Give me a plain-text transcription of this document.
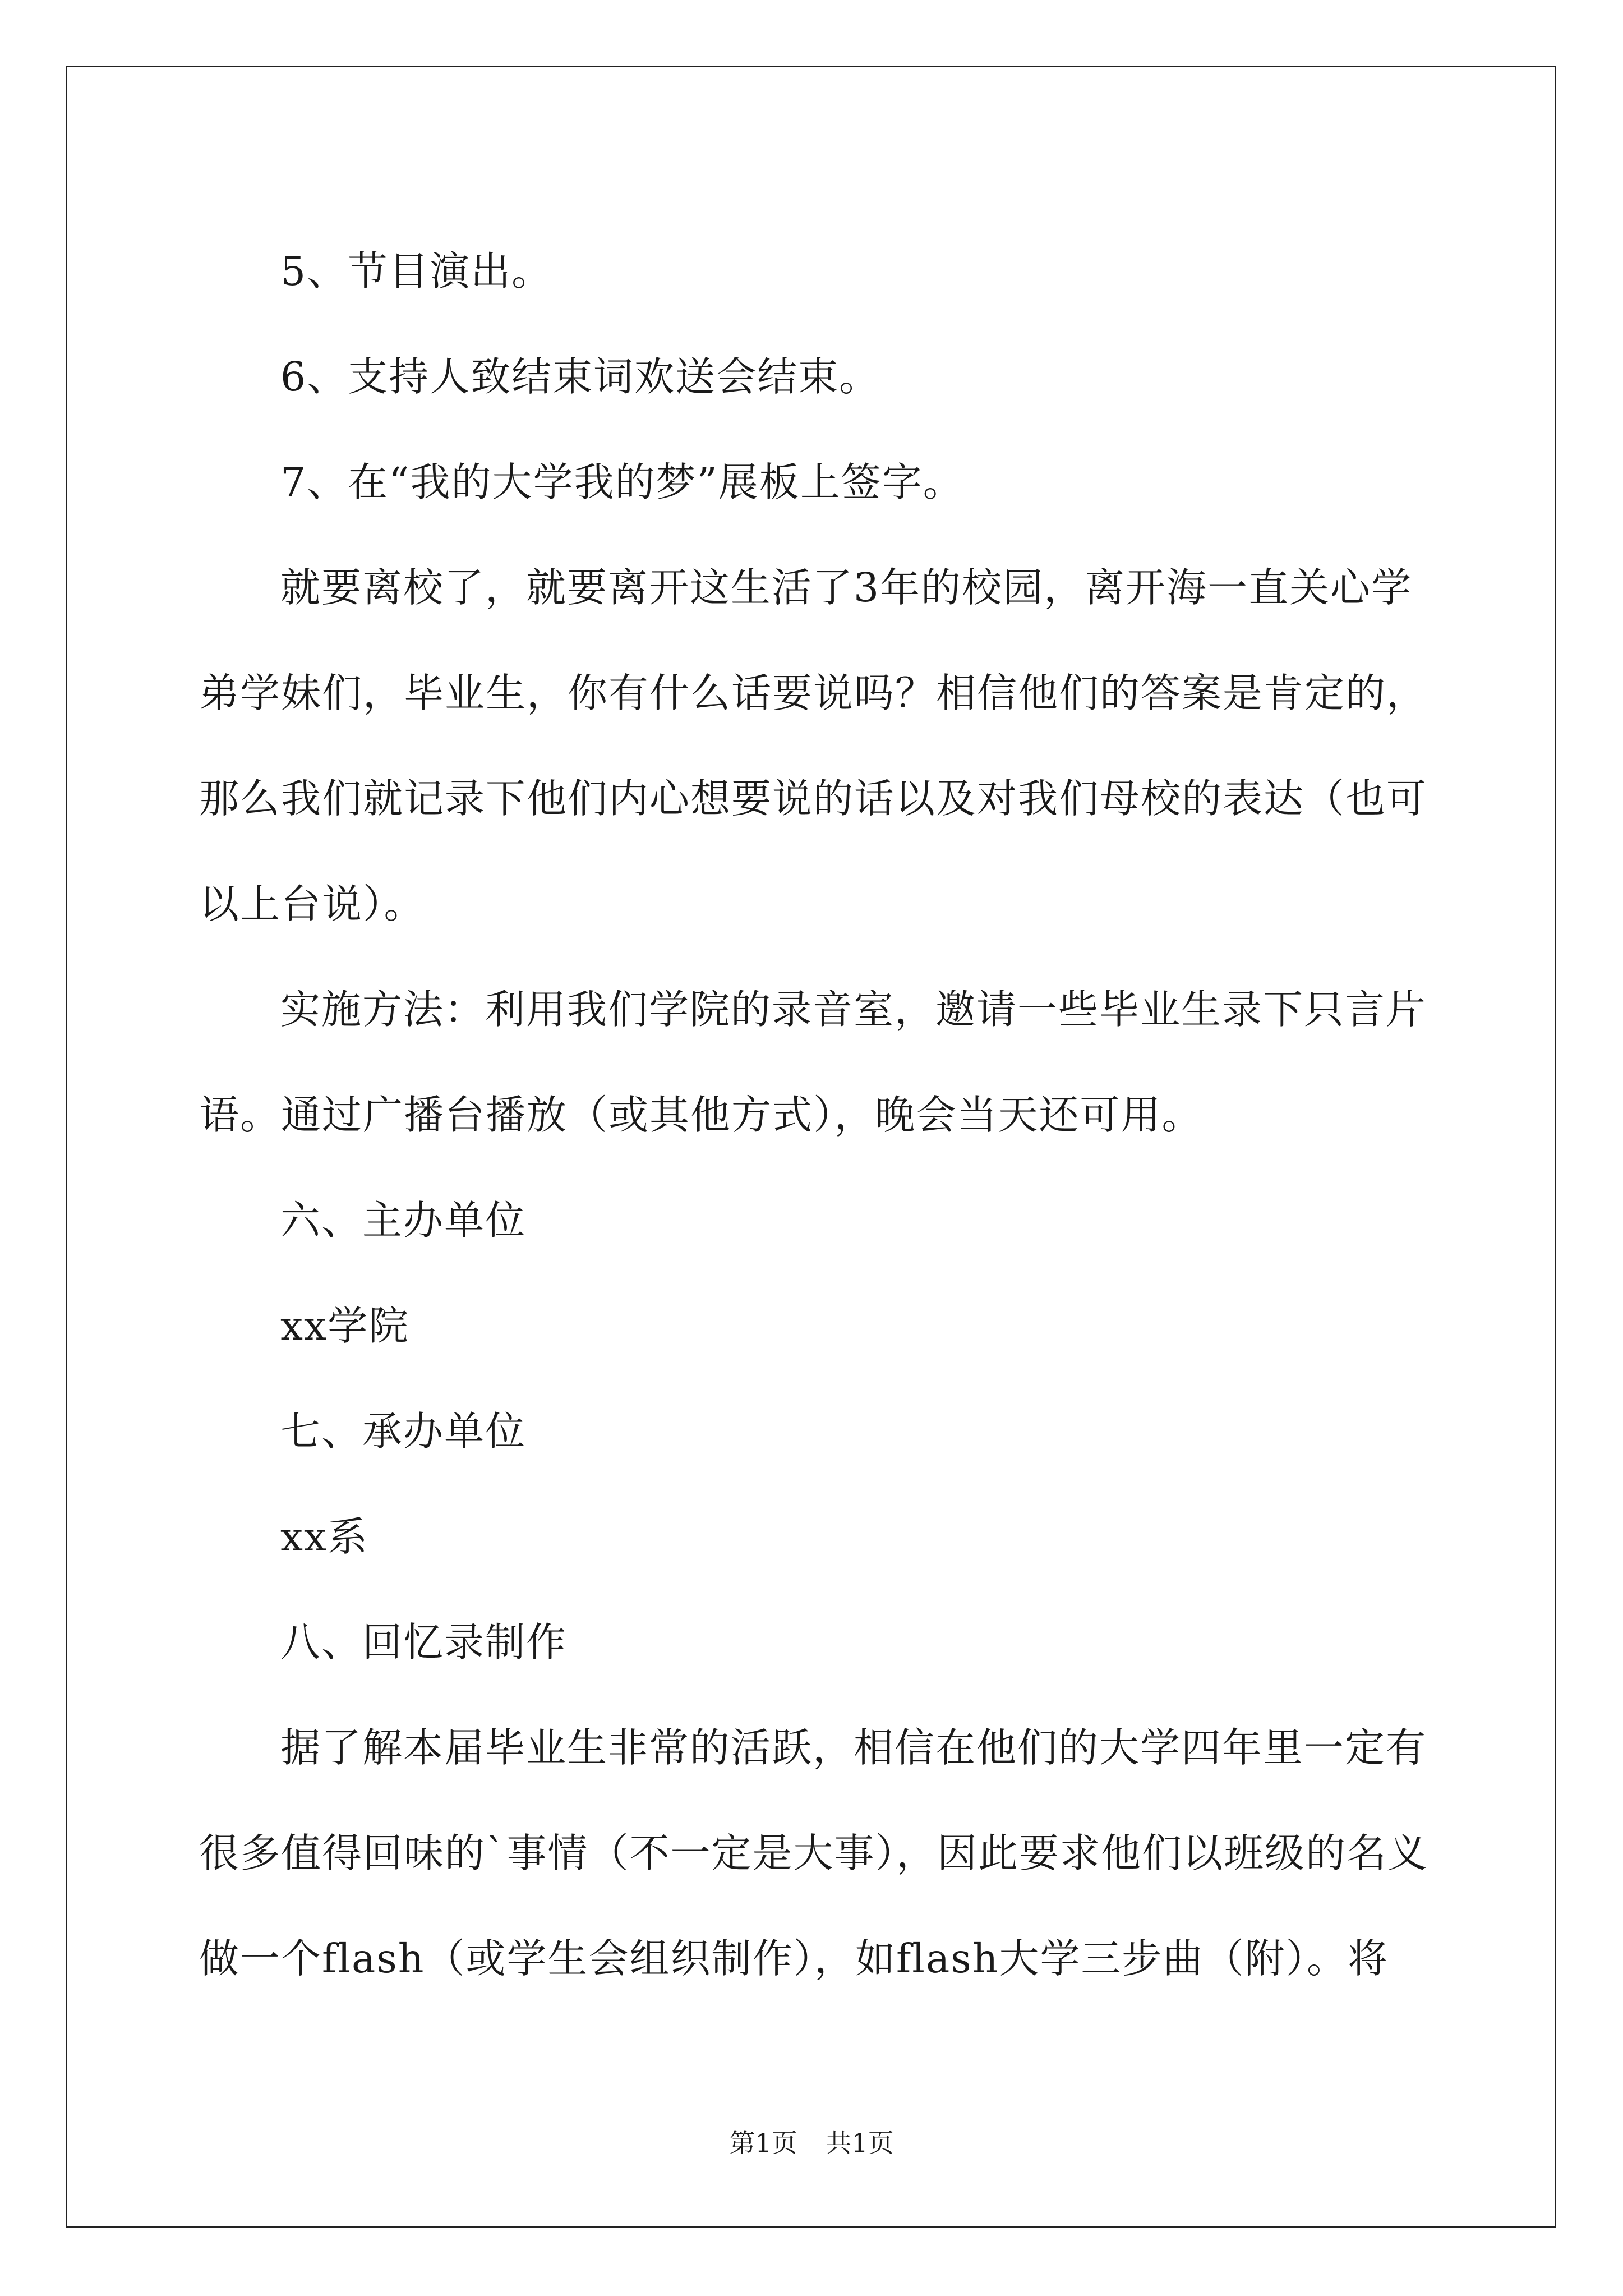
5、节目演出。

6、支持人致结束词欢送会结束。

7、在“我的大学我的梦”展板上签字。

就要离校了，就要离开这生活了3年的校园，离开海一直关心学

弟学妹们，毕业生，你有什么话要说吗？相信他们的答案是肯定的，

那么我们就记录下他们内心想要说的话以及对我们母校的表达（也可

以上台说）。

实施方法：利用我们学院的录音室，邀请一些毕业生录下只言片

语。通过广播台播放（或其他方式），晚会当天还可用。

六、主办单位

xx学院

七、承办单位

xx系

八、回忆录制作

据了解本届毕业生非常的活跃，相信在他们的大学四年里一定有

很多值得回味的`事情（不一定是大事），因此要求他们以班级的名义

做一个flash（或学生会组织制作），如flash大学三步曲（附）。将

第1页 共1页
